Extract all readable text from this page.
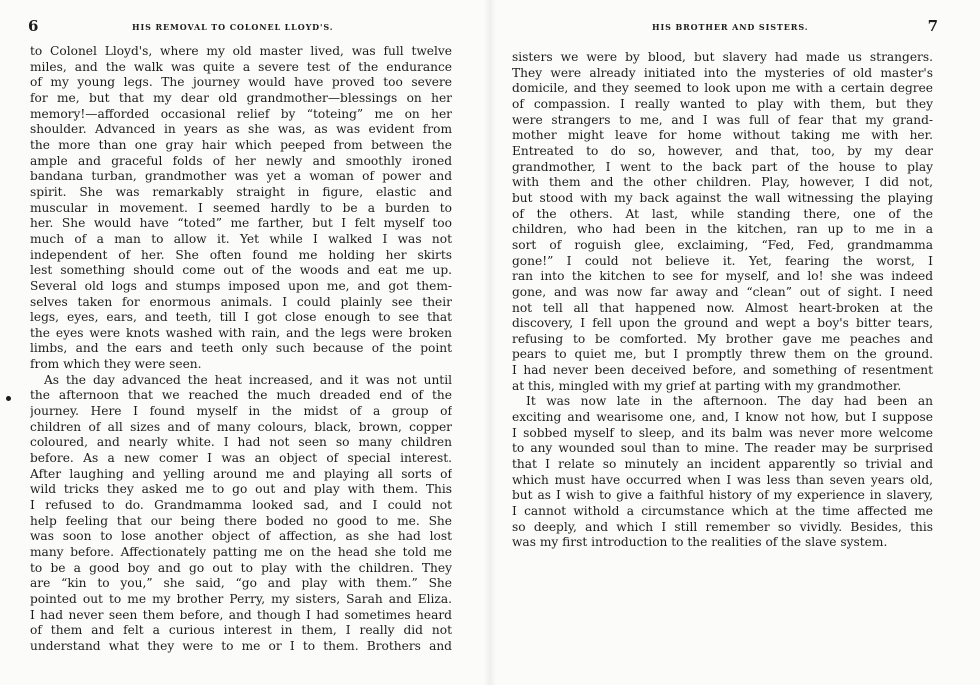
6	HIS REMOVAL TO COLONEL LLOYD'S.
to Colonel Lloyd's, where my old master lived, was full twelve
miles, and the walk was quite a severe test of the endurance
of my young legs. The journey would have proved too severe
for me, but that my dear old grandmother—blessings on her
memory!—afforded occasional relief by “toteing” me on her
shoulder. Advanced in years as she was, as was evident from
the more than one gray hair which peeped from between the
ample and graceful folds of her newly and smoothly ironed
bandana turban, grandmother was yet a woman of power and
spirit. She was remarkably straight in figure, elastic and
muscular in movement. I seemed hardly to be a burden to
her. She would have “toted” me farther, but I felt myself too
much of a man to allow it. Yet while I walked I was not
independent of her. She often found me holding her skirts
lest something should come out of the woods and eat me up.
Several old logs and stumps imposed upon me, and got them-
selves taken for enormous animals. I could plainly see their
legs, eyes, ears, and teeth, till I got close enough to see that
the eyes were knots washed with rain, and the legs were broken
limbs, and the ears and teeth only such because of the point
from which they were seen.
As the day advanced the heat increased, and it was not until
the afternoon that we reached the much dreaded end of the
journey. Here I found myself in the midst of a group of
children of all sizes and of many colours, black, brown, copper
coloured, and nearly white. I had not seen so many children
before. As a new comer I was an object of special interest.
After laughing and yelling around me and playing all sorts of
wild tricks they asked me to go out and play with them. This
I refused to do. Grandmamma looked sad, and I could not
help feeling that our being there boded no good to me. She
was soon to lose another object of affection, as she had lost
many before. Affectionately patting me on the head she told me
to be a good boy and go out to play with the children. They
are “kin to you,” she said, “go and play with them.” She
pointed out to me my brother Perry, my sisters, Sarah and Eliza.
I had never seen them before, and though I had sometimes heard
of them and felt a curious interest in them, I really did not
understand what they were to me or I to them. Brothers and
HIS BROTHER AND SISTERS.	7
sisters we were by blood, but slavery had made us strangers.
They were already initiated into the mysteries of old master's
domicile, and they seemed to look upon me with a certain degree
of compassion. I really wanted to play with them, but they
were strangers to me, and I was full of fear that my grand-
mother might leave for home without taking me with her.
Entreated to do so, however, and that, too, by my dear
grandmother, I went to the back part of the house to play
with them and the other children. Play, however, I did not,
but stood with my back against the wall witnessing the playing
of the others. At last, while standing there, one of the
children, who had been in the kitchen, ran up to me in a
sort of roguish glee, exclaiming, “Fed, Fed, grandmamma
gone!” I could not believe it. Yet, fearing the worst, I
ran into the kitchen to see for myself, and lo! she was indeed
gone, and was now far away and “clean” out of sight. I need
not tell all that happened now. Almost heart-broken at the
discovery, I fell upon the ground and wept a boy's bitter tears,
refusing to be comforted. My brother gave me peaches and
pears to quiet me, but I promptly threw them on the ground.
I had never been deceived before, and something of resentment
at this, mingled with my grief at parting with my grandmother.
It was now late in the afternoon. The day had been an
exciting and wearisome one, and, I know not how, but I suppose
I sobbed myself to sleep, and its balm was never more welcome
to any wounded soul than to mine. The reader may be surprised
that I relate so minutely an incident apparently so trivial and
which must have occurred when I was less than seven years old,
but as I wish to give a faithful history of my experience in slavery,
I cannot withold a circumstance which at the time affected me
so deeply, and which I still remember so vividly. Besides, this
was my first introduction to the realities of the slave system.
